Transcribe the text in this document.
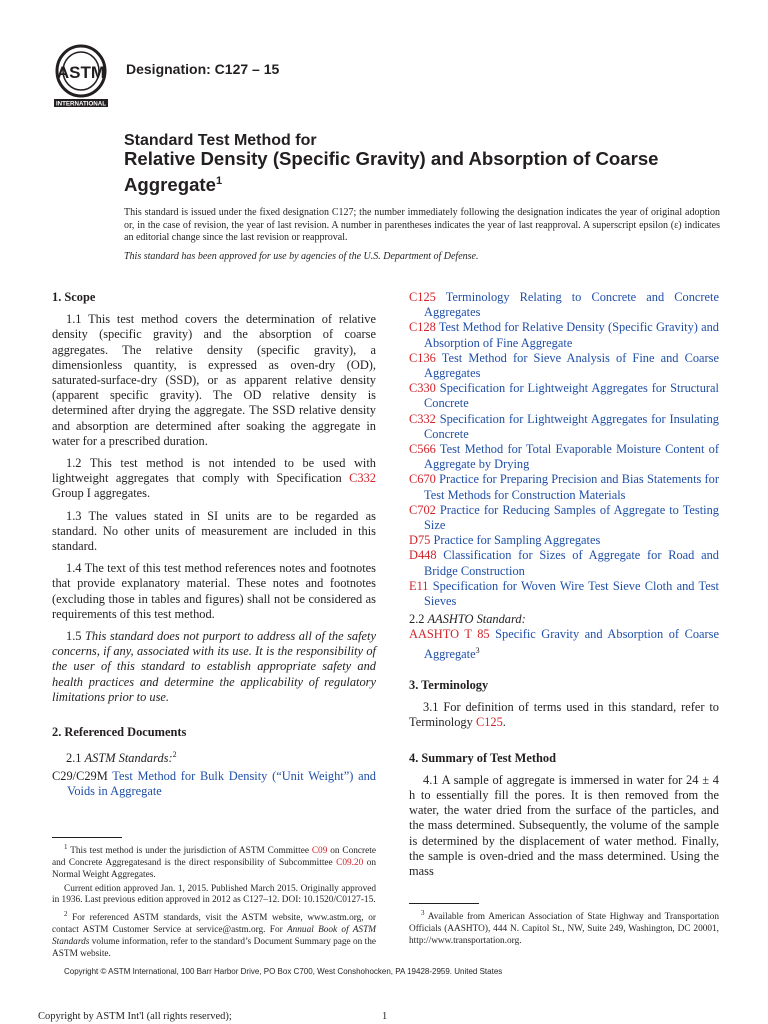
ASTM
INTERNATIONAL
Designation: C127 – 15
Standard Test Method for
Relative Density (Specific Gravity) and Absorption of Coarse Aggregate$^1$
This standard is issued under the fixed designation C127; the number immediately following the designation indicates the year of original adoption or, in the case of revision, the year of last revision. A number in parentheses indicates the year of last reapproval. A superscript epsilon (ε) indicates an editorial change since the last revision or reapproval.
This standard has been approved for use by agencies of the U.S. Department of Defense.
1. Scope

1.1 This test method covers the determination of relative density (specific gravity) and the absorption of coarse aggregates. The relative density (specific gravity), a dimensionless quantity, is expressed as oven-dry (OD), saturated-surface-dry (SSD), or as apparent relative density (apparent specific gravity). The OD relative density is determined after drying the aggregate. The SSD relative density and absorption are determined after soaking the aggregate in water for a prescribed duration.

1.2 This test method is not intended to be used with lightweight aggregates that comply with Specification C332 Group I aggregates.

1.3 The values stated in SI units are to be regarded as standard. No other units of measurement are included in this standard.

1.4 The text of this test method references notes and footnotes that provide explanatory material. These notes and footnotes (excluding those in tables and figures) shall not be considered as requirements of this test method.

1.5 This standard does not purport to address all of the safety concerns, if any, associated with its use. It is the responsibility of the user of this standard to establish appropriate safety and health practices and determine the applicability of regulatory limitations prior to use.

2. Referenced Documents

2.1 ASTM Standards:$^2$

C29/C29M Test Method for Bulk Density (“Unit Weight”) and Voids in Aggregate

$^1$ This test method is under the jurisdiction of ASTM Committee C09 on Concrete and Concrete Aggregatesand is the direct responsibility of Subcommittee C09.20 on Normal Weight Aggregates.

Current edition approved Jan. 1, 2015. Published March 2015. Originally approved in 1936. Last previous edition approved in 2012 as C127–12. DOI: 10.1520/C0127-15.

$^2$ For referenced ASTM standards, visit the ASTM website, www.astm.org, or contact ASTM Customer Service at service@astm.org. For Annual Book of ASTM Standards volume information, refer to the standard’s Document Summary page on the ASTM website.

C125 Terminology Relating to Concrete and Concrete Aggregates

C128 Test Method for Relative Density (Specific Gravity) and Absorption of Fine Aggregate

C136 Test Method for Sieve Analysis of Fine and Coarse Aggregates

C330 Specification for Lightweight Aggregates for Structural Concrete

C332 Specification for Lightweight Aggregates for Insulating Concrete

C566 Test Method for Total Evaporable Moisture Content of Aggregate by Drying

C670 Practice for Preparing Precision and Bias Statements for Test Methods for Construction Materials

C702 Practice for Reducing Samples of Aggregate to Testing Size

D75 Practice for Sampling Aggregates

D448 Classification for Sizes of Aggregate for Road and Bridge Construction

E11 Specification for Woven Wire Test Sieve Cloth and Test Sieves

2.2 AASHTO Standard:

AASHTO T 85 Specific Gravity and Absorption of Coarse Aggregate$^3$

3. Terminology

3.1 For definition of terms used in this standard, refer to Terminology C125.

4. Summary of Test Method

4.1 A sample of aggregate is immersed in water for 24 ± 4 h to essentially fill the pores. It is then removed from the water, the water dried from the surface of the particles, and the mass determined. Subsequently, the volume of the sample is determined by the displacement of water method. Finally, the sample is oven-dried and the mass determined. Using the mass

$^3$ Available from American Association of State Highway and Transportation Officials (AASHTO), 444 N. Capitol St., NW, Suite 249, Washington, DC 20001, http://www.transportation.org.

Copyright © ASTM International, 100 Barr Harbor Drive, PO Box C700, West Conshohocken, PA 19428-2959. United States
Copyright by ASTM Int'l (all rights reserved);	1
